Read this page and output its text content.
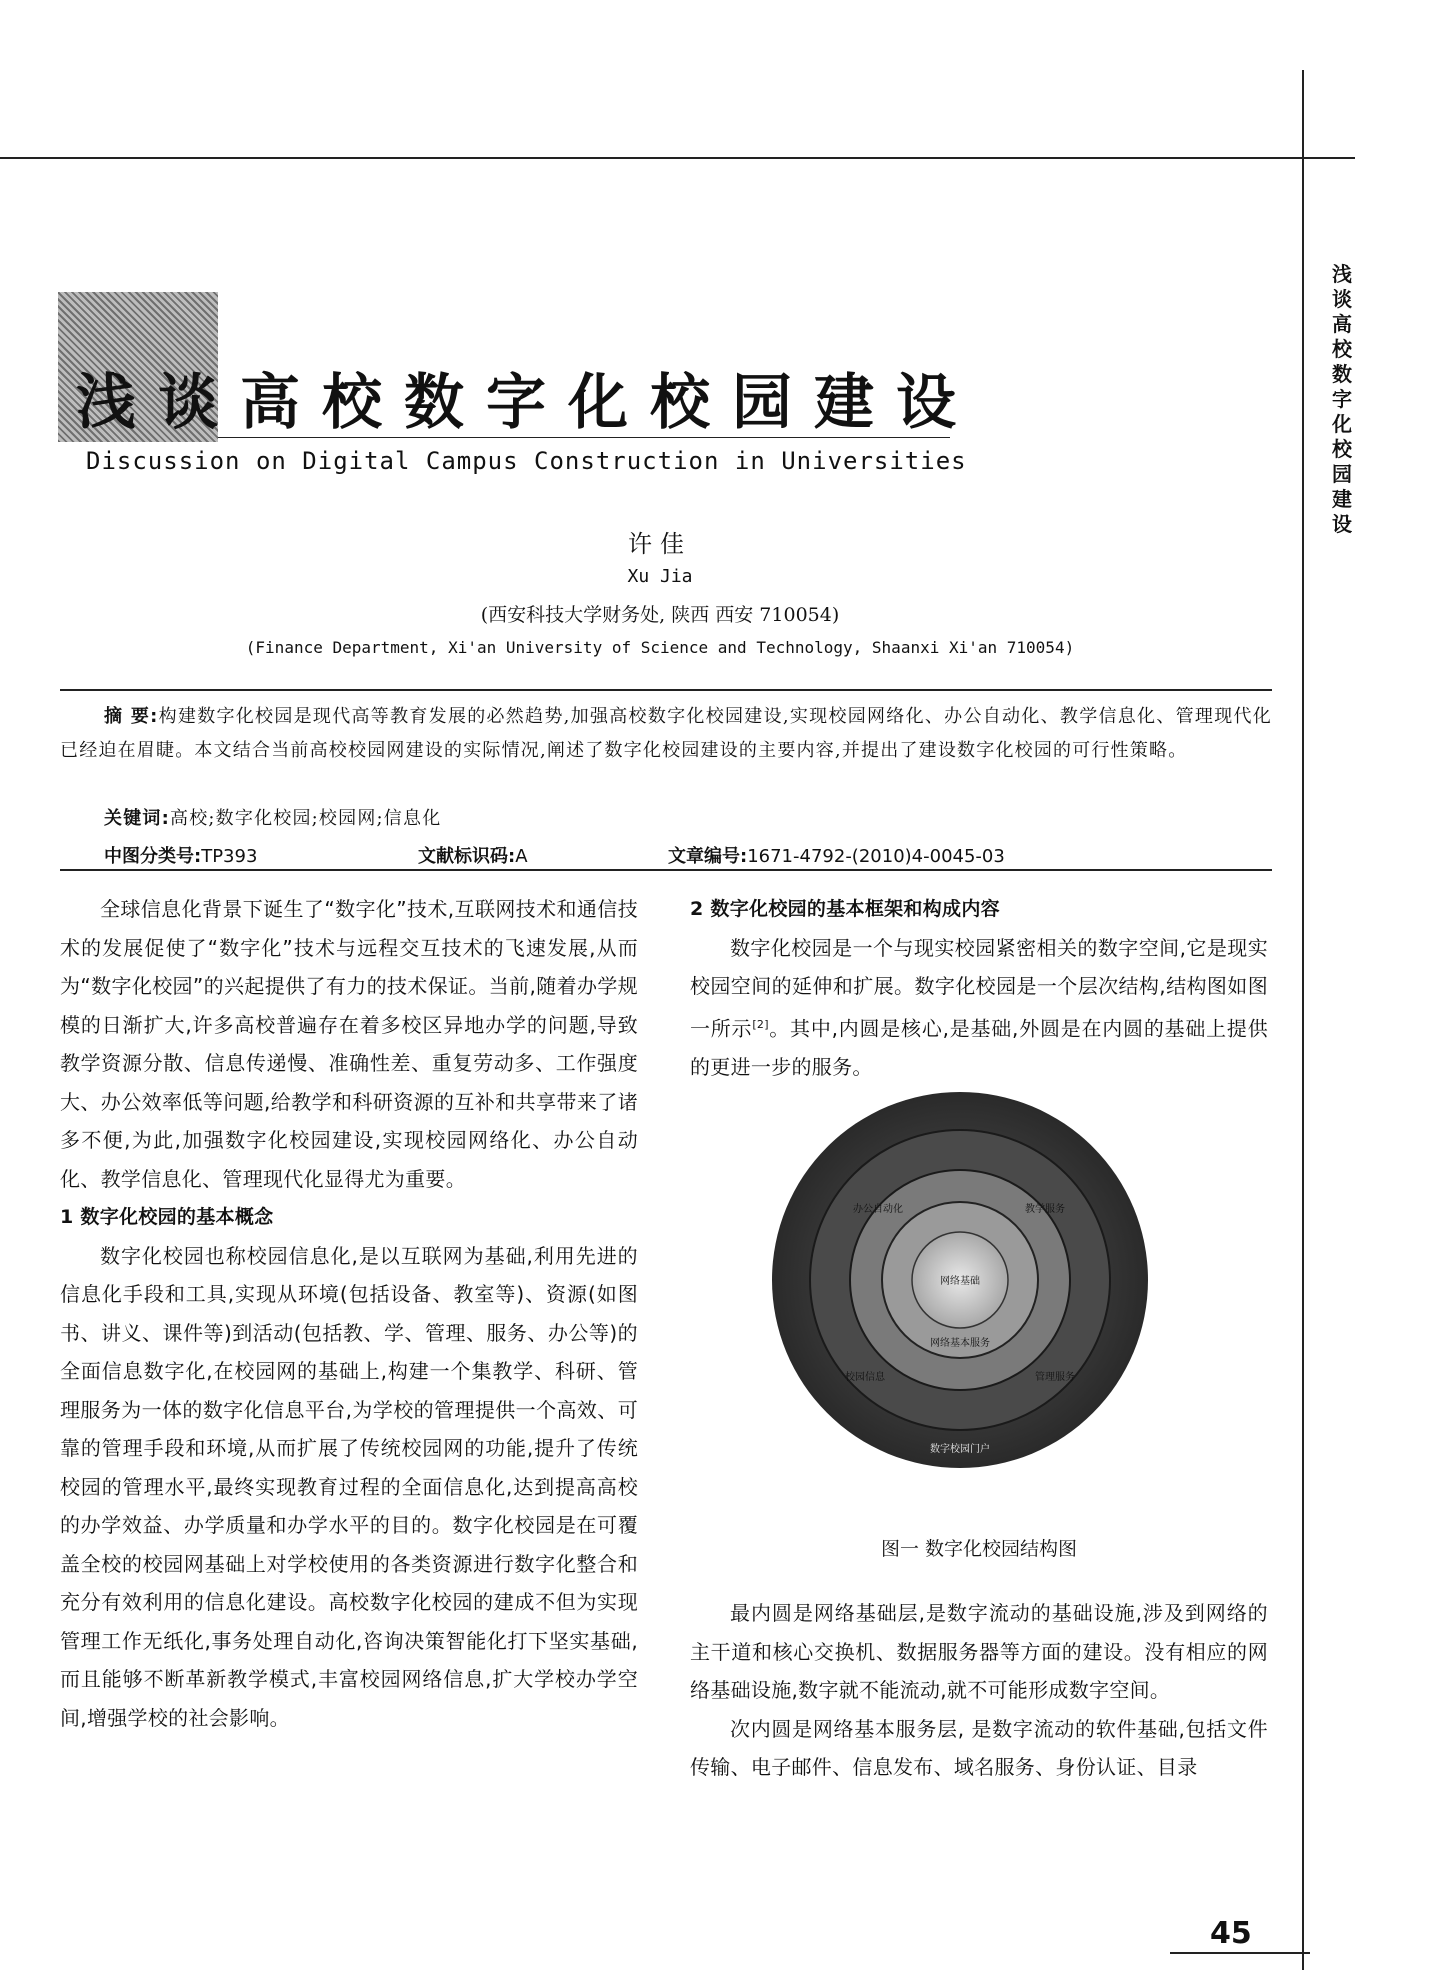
浅谈高校数字化校园建设
Discussion on Digital Campus Construction in Universities
许佳
Xu Jia
(西安科技大学财务处, 陕西 西安 710054)
(Finance Department, Xi'an University of Science and Technology, Shaanxi Xi'an 710054)
摘 要:构建数字化校园是现代高等教育发展的必然趋势,加强高校数字化校园建设,实现校园网络化、办公自动化、教学信息化、管理现代化已经迫在眉睫。本文结合当前高校校园网建设的实际情况,阐述了数字化校园建设的主要内容,并提出了建设数字化校园的可行性策略。
关键词:高校;数字化校园;校园网;信息化
中图分类号:TP393	文献标识码:A	文章编号:1671-4792-(2010)4-0045-03

全球信息化背景下诞生了“数字化”技术,互联网技术和通信技术的发展促使了“数字化”技术与远程交互技术的飞速发展,从而为“数字化校园”的兴起提供了有力的技术保证。当前,随着办学规模的日渐扩大,许多高校普遍存在着多校区异地办学的问题,导致教学资源分散、信息传递慢、准确性差、重复劳动多、工作强度大、办公效率低等问题,给教学和科研资源的互补和共享带来了诸多不便,为此,加强数字化校园建设,实现校园网络化、办公自动化、教学信息化、管理现代化显得尤为重要。

1 数字化校园的基本概念

数字化校园也称校园信息化,是以互联网为基础,利用先进的信息化手段和工具,实现从环境(包括设备、教室等)、资源(如图书、讲义、课件等)到活动(包括教、学、管理、服务、办公等)的全面信息数字化,在校园网的基础上,构建一个集教学、科研、管理服务为一体的数字化信息平台,为学校的管理提供一个高效、可靠的管理手段和环境,从而扩展了传统校园网的功能,提升了传统校园的管理水平,最终实现教育过程的全面信息化,达到提高高校的办学效益、办学质量和办学水平的目的。数字化校园是在可覆盖全校的校园网基础上对学校使用的各类资源进行数字化整合和充分有效利用的信息化建设。高校数字化校园的建成不但为实现管理工作无纸化,事务处理自动化,咨询决策智能化打下坚实基础,而且能够不断革新教学模式,丰富校园网络信息,扩大学校办学空间,增强学校的社会影响。

2 数字化校园的基本框架和构成内容

数字化校园是一个与现实校园紧密相关的数字空间,它是现实校园空间的延伸和扩展。数字化校园是一个层次结构,结构图如图一所示[2]。其中,内圆是核心,是基础,外圆是在内圆的基础上提供的更进一步的服务。

网络基础
网络基本服务
办公自动化	教学服务
校园信息	管理服务
数字校园门户
图一 数字化校园结构图

最内圆是网络基础层,是数字流动的基础设施,涉及到网络的主干道和核心交换机、数据服务器等方面的建设。没有相应的网络基础设施,数字就不能流动,就不可能形成数字空间。

次内圆是网络基本服务层, 是数字流动的软件基础,包括文件传输、电子邮件、信息发布、域名服务、身份认证、目录

浅谈高校数字化校园建设
45
